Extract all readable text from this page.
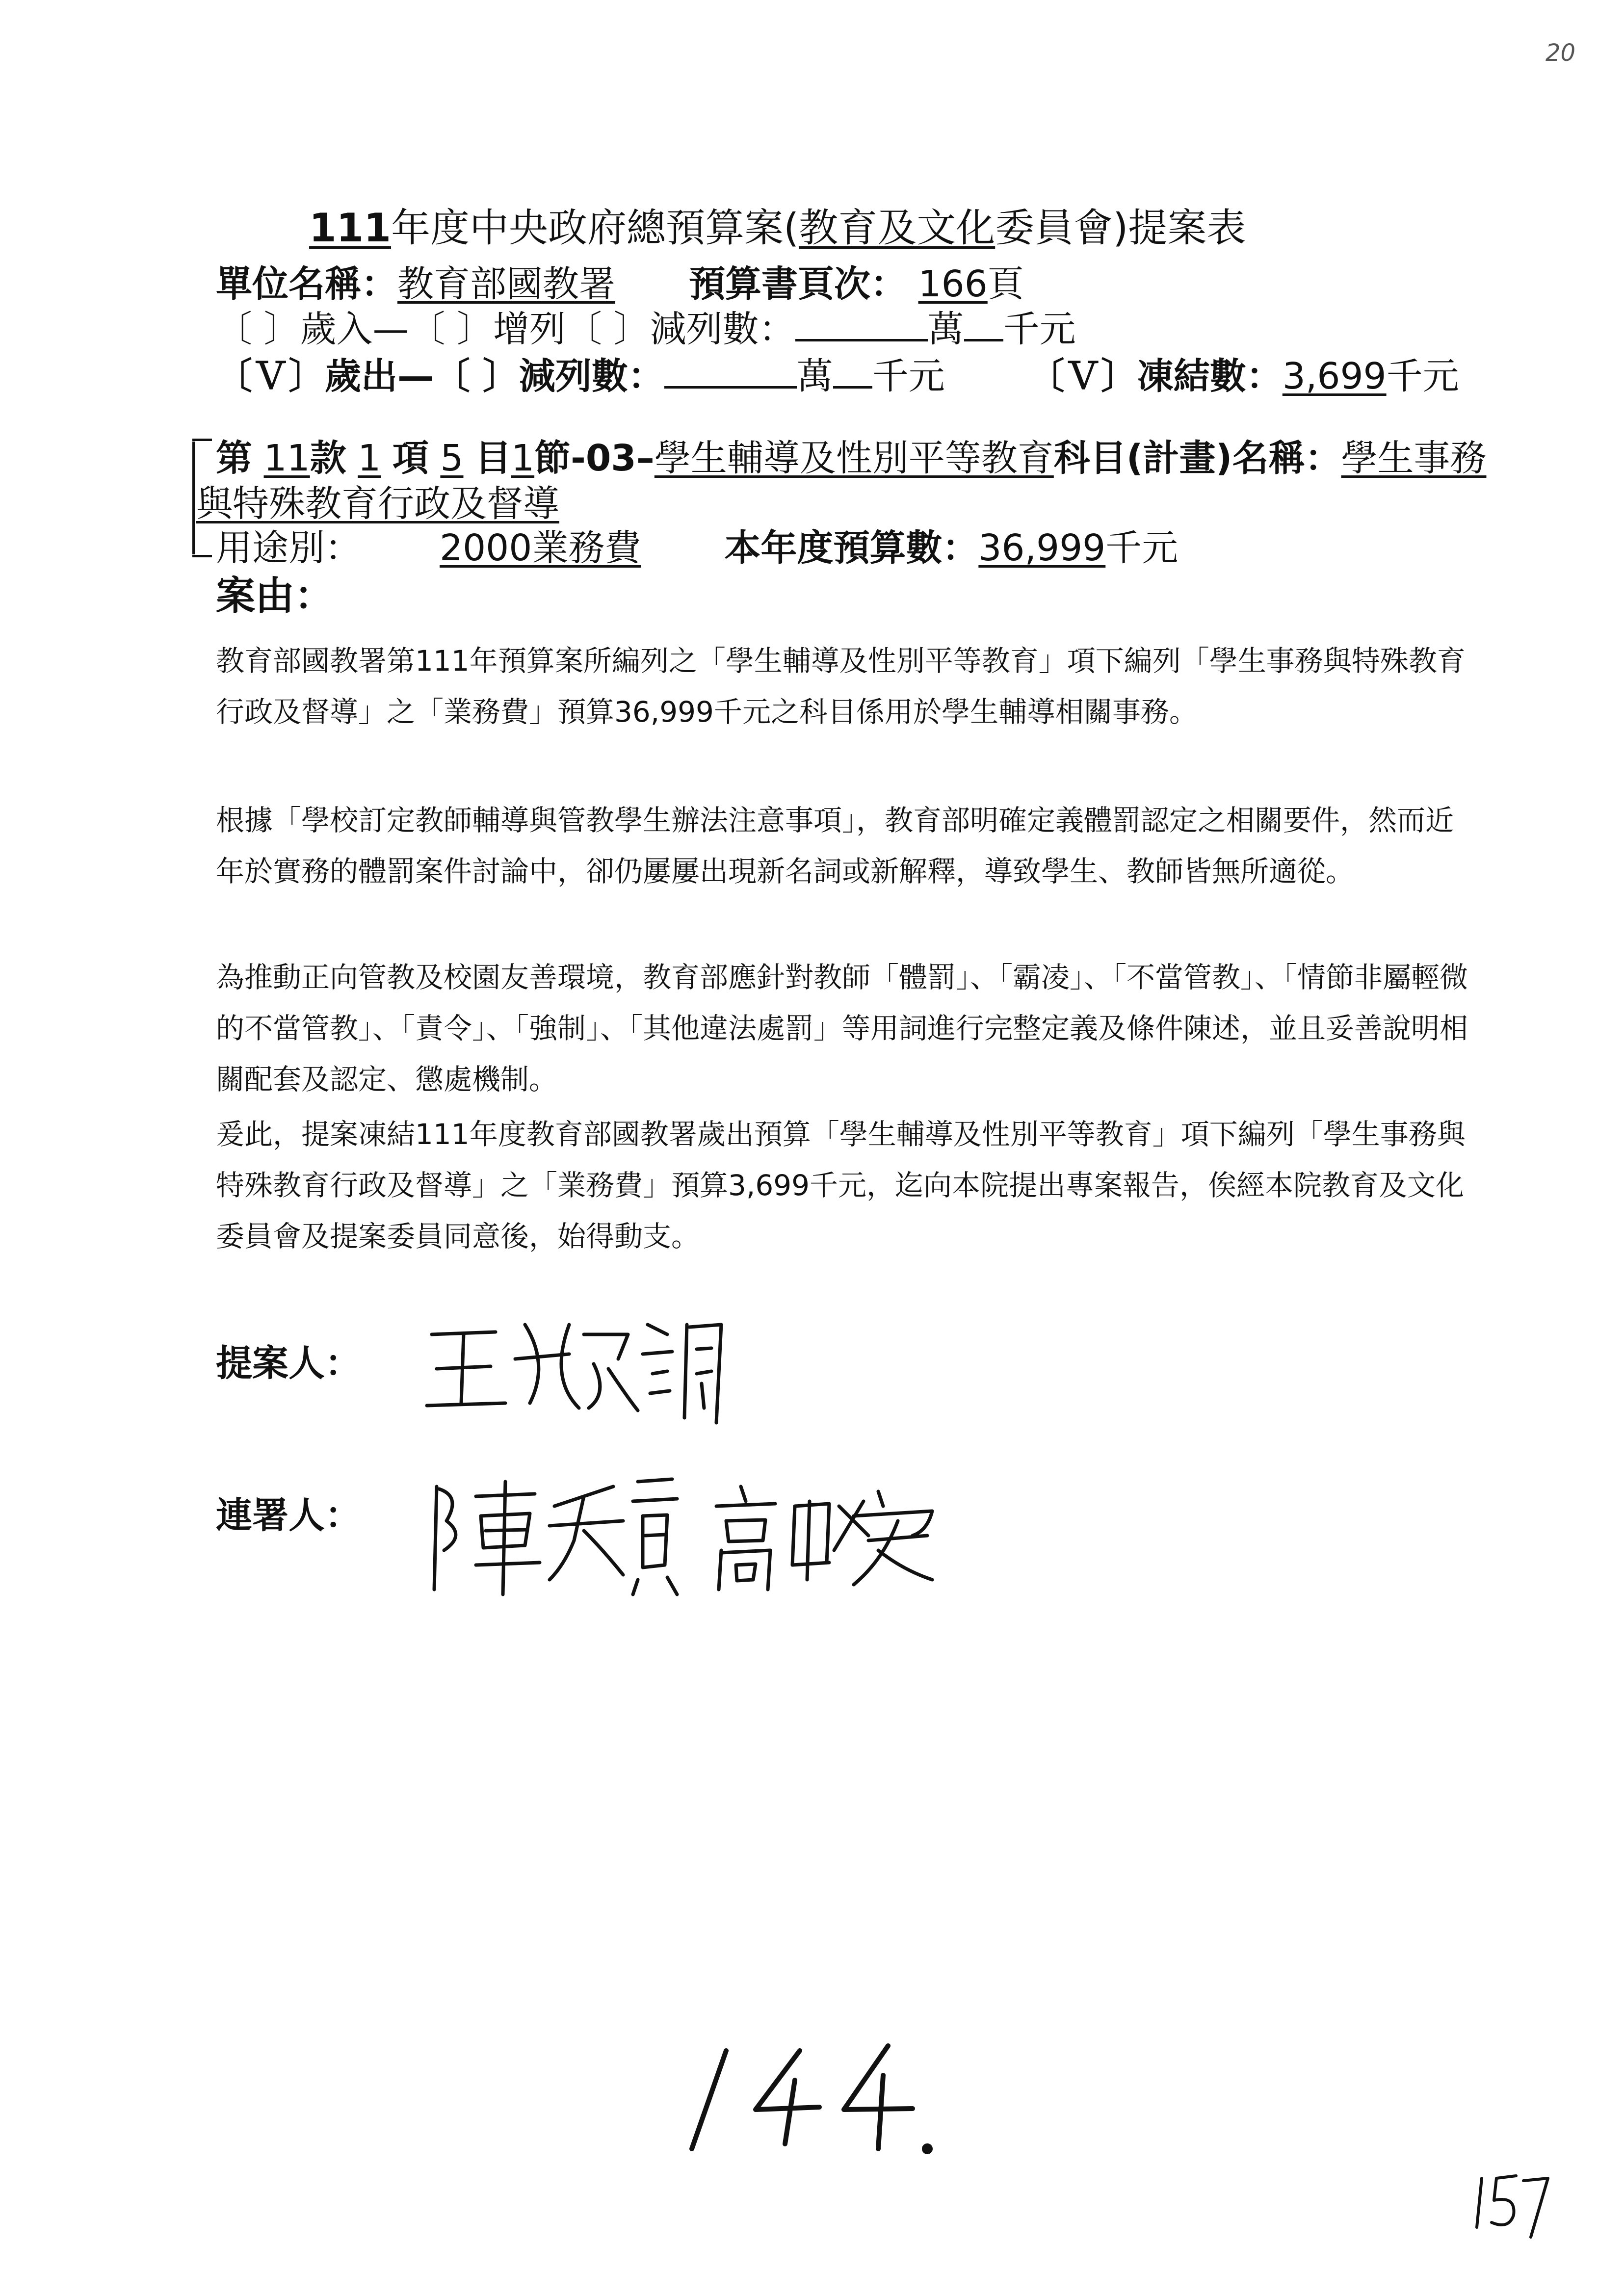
20
111年度中央政府總預算案(教育及文化委員會)提案表
單位名稱：教育部國教署 預算書頁次： 166頁
〔 〕歲入—〔 〕增列〔 〕減列數：	萬 千元
〔Ｖ〕歲出—〔 〕減列數：	萬 千元 〔Ｖ〕凍結數：3,699千元
第 11款 1 項 5 目1節-03–學生輔導及性別平等教育科目(計畫)名稱：學生事務
與特殊教育行政及督導
用途別： 2000業務費 本年度預算數：36,999千元
案由：
教育部國教署第111年預算案所編列之「學生輔導及性別平等教育」項下編列「學生事務與特殊教育行政及督導」之「業務費」預算36,999千元之科目係用於學生輔導相關事務。
根據「學校訂定教師輔導與管教學生辦法注意事項」，教育部明確定義體罰認定之相關要件，然而近年於實務的體罰案件討論中，卻仍屢屢出現新名詞或新解釋，導致學生、教師皆無所適從。
為推動正向管教及校園友善環境，教育部應針對教師「體罰」、「霸凌」、「不當管教」、「情節非屬輕微的不當管教」、「責令」、「強制」、「其他違法處罰」等用詞進行完整定義及條件陳述，並且妥善說明相關配套及認定、懲處機制。
爰此，提案凍結111年度教育部國教署歲出預算「學生輔導及性別平等教育」項下編列「學生事務與特殊教育行政及督導」之「業務費」預算3,699千元，迄向本院提出專案報告，俟經本院教育及文化委員會及提案委員同意後，始得動支。
提案人：
連署人：
